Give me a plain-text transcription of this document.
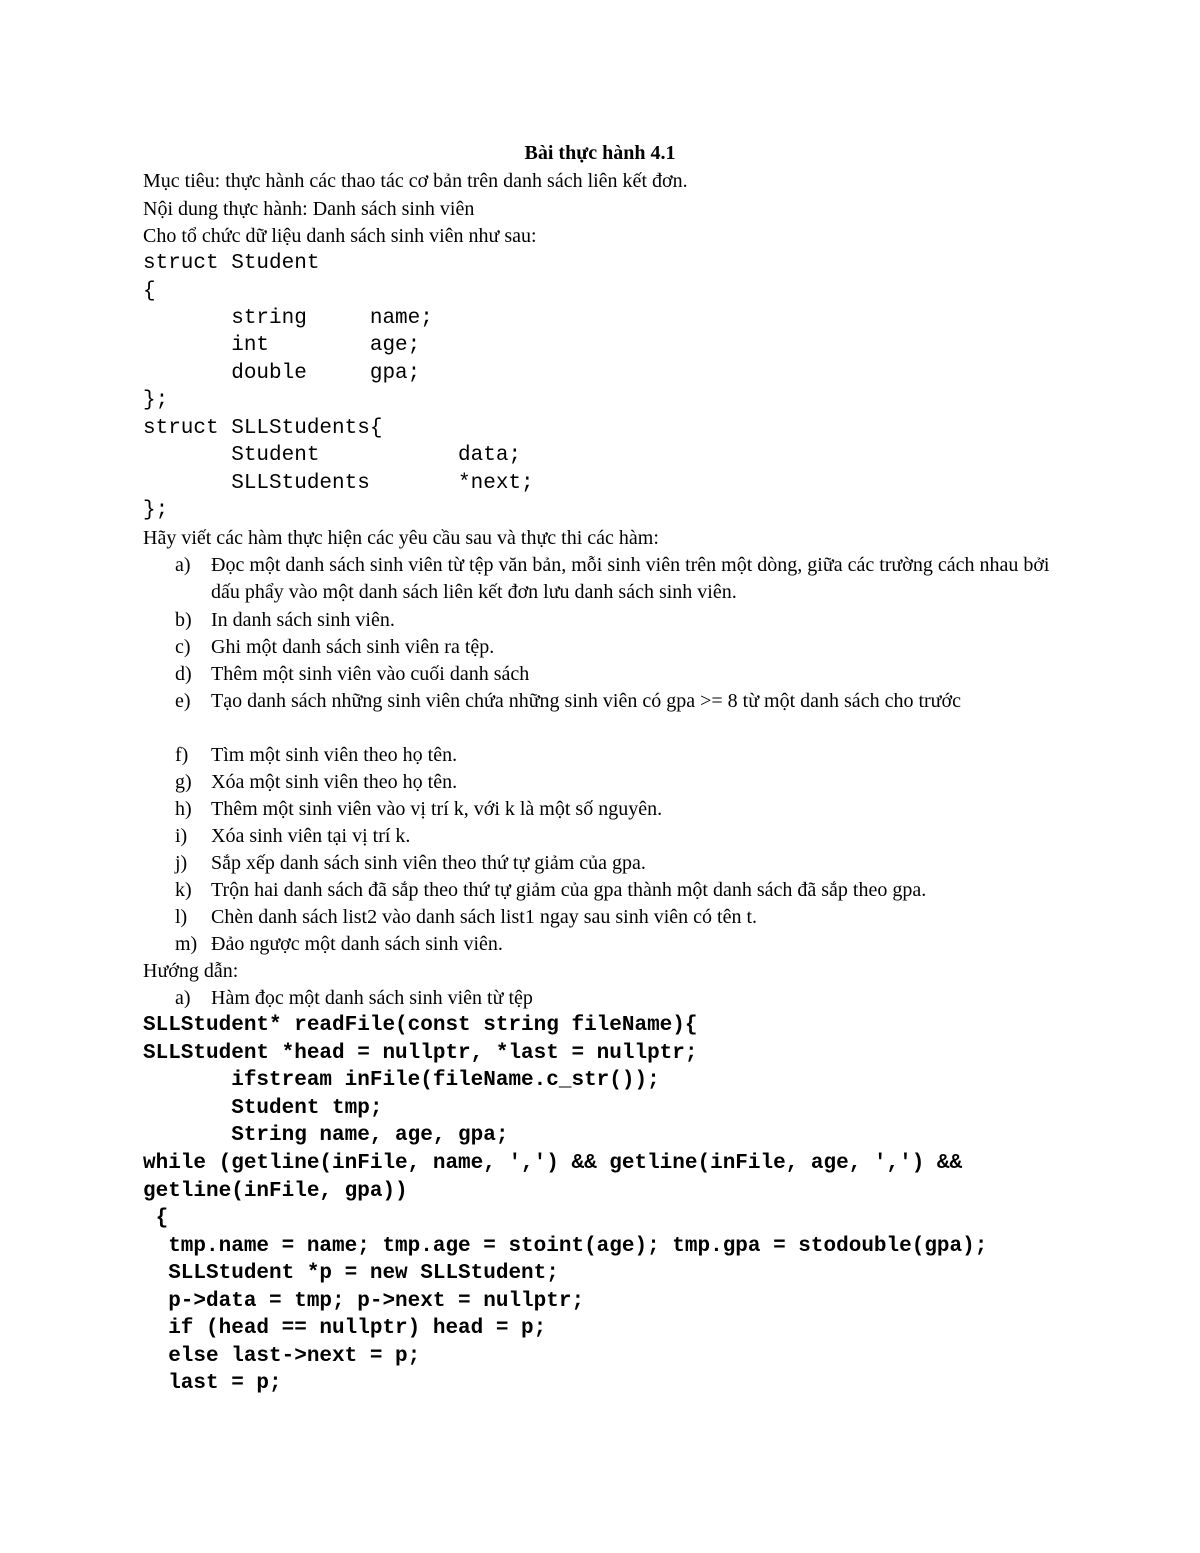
Bài thực hành 4.1
Mục tiêu: thực hành các thao tác cơ bản trên danh sách liên kết đơn.
Nội dung thực hành: Danh sách sinh viên
Cho tổ chức dữ liệu danh sách sinh viên như sau:
struct Student
{
string     name;
int        age;
double     gpa;
};
struct SLLStudents{
Student           data;
SLLStudents       *next;
};
Hãy viết các hàm thực hiện các yêu cầu sau và thực thi các hàm:
a) Đọc một danh sách sinh viên từ tệp văn bản, mỗi sinh viên trên một dòng, giữa các trường cách nhau bởi dấu phẩy vào một danh sách liên kết đơn lưu danh sách sinh viên.
b) In danh sách sinh viên.
c) Ghi một danh sách sinh viên ra tệp.
d) Thêm một sinh viên vào cuối danh sách
e) Tạo danh sách những sinh viên chứa những sinh viên có gpa >= 8 từ một danh sách cho trước
f) Tìm một sinh viên theo họ tên.
g) Xóa một sinh viên theo họ tên.
h) Thêm một sinh viên vào vị trí k, với k là một số nguyên.
i) Xóa sinh viên tại vị trí k.
j) Sắp xếp danh sách sinh viên theo thứ tự giảm của gpa.
k) Trộn hai danh sách đã sắp theo thứ tự giảm của gpa thành một danh sách đã sắp theo gpa.
l) Chèn danh sách list2 vào danh sách list1 ngay sau sinh viên có tên t.
m) Đảo ngược một danh sách sinh viên.
Hướng dẫn:
a) Hàm đọc một danh sách sinh viên từ tệp
SLLStudent* readFile(const string fileName){
SLLStudent *head = nullptr, *last = nullptr;
ifstream inFile(fileName.c_str());
Student tmp;
String name, age, gpa;
while (getline(inFile, name, ',') && getline(inFile, age, ',') &&
getline(inFile, gpa))
{
tmp.name = name; tmp.age = stoint(age); tmp.gpa = stodouble(gpa);
SLLStudent *p = new SLLStudent;
p->data = tmp; p->next = nullptr;
if (head == nullptr) head = p;
else last->next = p;
last = p;
